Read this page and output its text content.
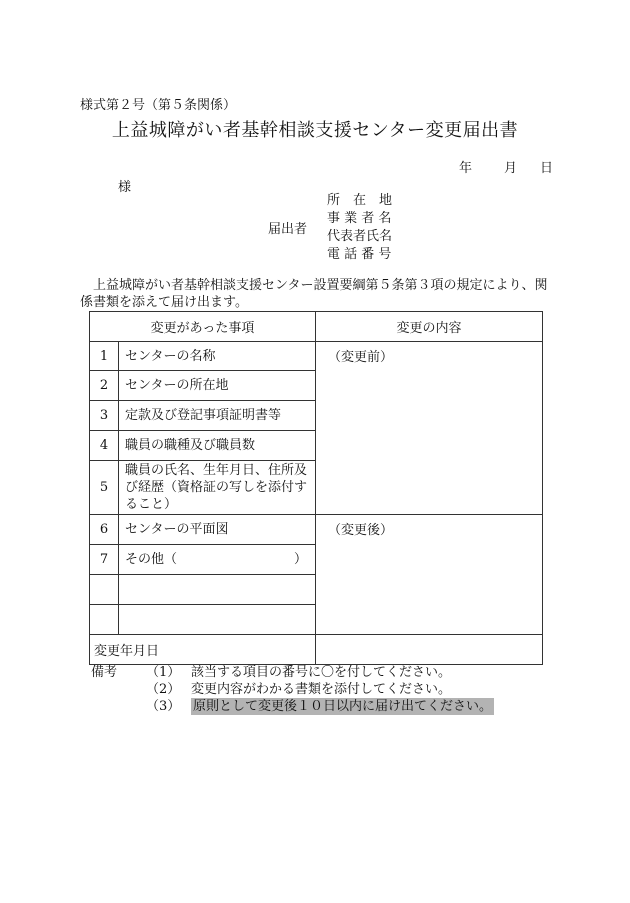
様式第２号（第５条関係）
上益城障がい者基幹相談支援センター変更届出書
年 月 日
様
届出者
所　在　地
事 業 者 名
代表者氏名
電 話 番 号
上益城障がい者基幹相談支援センター設置要綱第５条第３項の規定により、関係書類を添えて届け出ます。
変更があった事項		変更の内容
1	センターの名称	（変更前）
2	センターの所在地	
3	定款及び登記事項証明書等	
4	職員の職種及び職員数	
5	職員の氏名、生年月日、住所及び経歴（資格証の写しを添付すること）	
6	センターの平面図	（変更後）
7	その他（　　　　　　　　　）	

変更年月日		
備考	（1） 該当する項目の番号に〇を付してください。
（2） 変更内容がわかる書類を添付してください。
（3） 原則として変更後１０日以内に届け出てください。
